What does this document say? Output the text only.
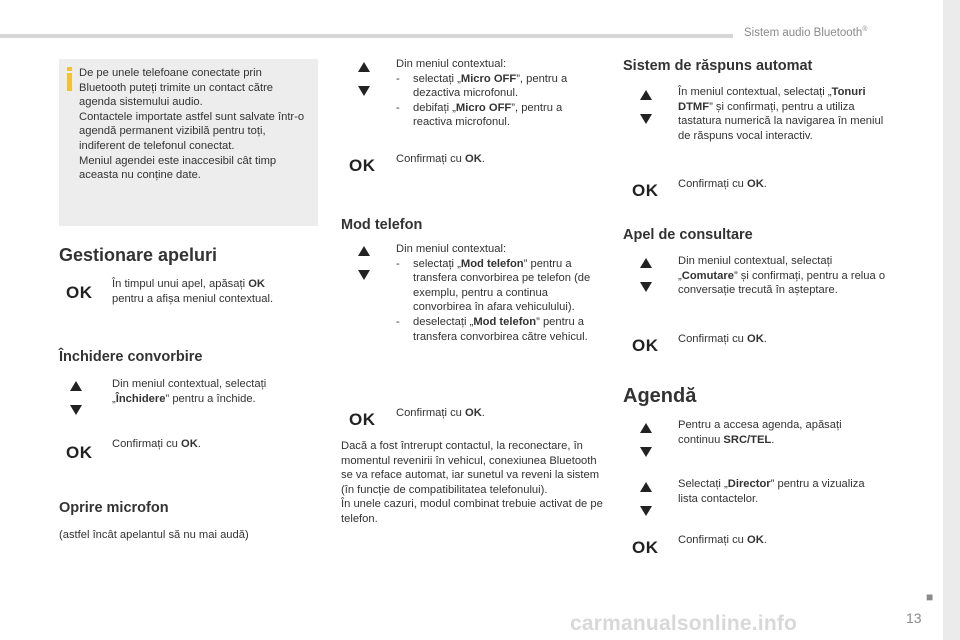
Sistem audio Bluetooth®
■
13
carmanualsonline.info
De pe unele telefoane conectate prin Bluetooth puteți trimite un contact către agenda sistemului audio.
Contactele importate astfel sunt salvate într-o agendă permanent vizibilă pentru toți, indiferent de telefonul conectat.
Meniul agendei este inaccesibil cât timp aceasta nu conține date.
Gestionare apeluri
OK În timpul unui apel, apăsați OK
pentru a afișa meniul contextual.
Închidere convorbire
Din meniul contextual, selectați
„Închidere” pentru a închide.
OK Confirmați cu OK.
Oprire microfon
(astfel încât apelantul să nu mai audă)
Din meniul contextual:
- selectați „Micro OFF”, pentru a dezactiva microfonul.
- debifați „Micro OFF”, pentru a reactiva microfonul.
OK Confirmați cu OK.
Mod telefon
Din meniul contextual:
- selectați „Mod telefon” pentru a transfera convorbirea pe telefon (de exemplu, pentru a continua convorbirea în afara vehiculului).
- deselectați „Mod telefon” pentru a transfera convorbirea către vehicul.
OK Confirmați cu OK.
Dacă a fost întrerupt contactul, la reconectare, în momentul revenirii în vehicul, conexiunea Bluetooth se va reface automat, iar sunetul va reveni la sistem (în funcție de compatibilitatea telefonului).
În unele cazuri, modul combinat trebuie activat de pe telefon.
Sistem de răspuns automat
În meniul contextual, selectați „Tonuri DTMF” și confirmați, pentru a utiliza tastatura numerică la navigarea în meniul de răspuns vocal interactiv.
OK Confirmați cu OK.
Apel de consultare
Din meniul contextual, selectați „Comutare” și confirmați, pentru a relua o conversație trecută în așteptare.
OK Confirmați cu OK.
Agendă
Pentru a accesa agenda, apăsați continuu SRC/TEL.
Selectați „Director” pentru a vizualiza lista contactelor.
OK Confirmați cu OK.
